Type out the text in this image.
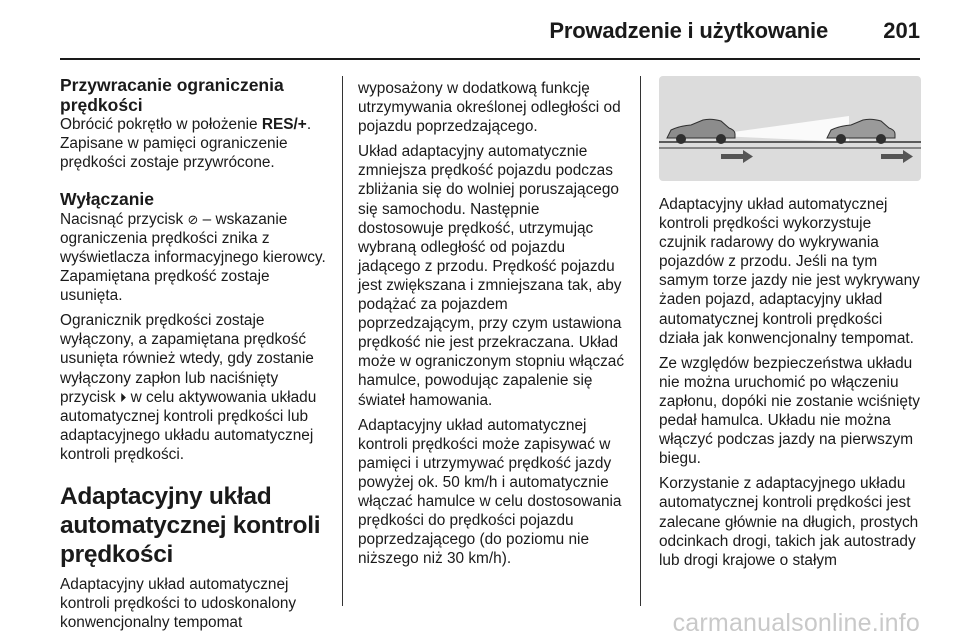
Prowadzenie i użytkowanie	201
Przywracanie ograniczenia prędkości

Obrócić pokrętło w położenie RES/+. Zapisane w pamięci ograniczenie prędkości zostaje przywrócone.

Wyłączanie

Nacisnąć przycisk ⊘ – wskazanie ograniczenia prędkości znika z wyświetlacza informacyjnego kierowcy. Zapamiętana prędkość zostaje usunięta.

Ogranicznik prędkości zostaje wyłączony, a zapamiętana prędkość usunięta również wtedy, gdy zostanie wyłączony zapłon lub naciśnięty przycisk ⏵ w celu aktywowania układu automatycznej kontroli prędkości lub adaptacyjnego układu automatycznej kontroli prędkości.

Adaptacyjny układ automatycznej kontroli prędkości

Adaptacyjny układ automatycznej kontroli prędkości to udoskonalony konwencjonalny tempomat

wyposażony w dodatkową funkcję utrzymywania określonej odległości od pojazdu poprzedzającego.

Układ adaptacyjny automatycznie zmniejsza prędkość pojazdu podczas zbliżania się do wolniej poruszającego się samochodu. Następnie dostosowuje prędkość, utrzymując wybraną odległość od pojazdu jadącego z przodu. Prędkość pojazdu jest zwiększana i zmniejszana tak, aby podążać za pojazdem poprzedzającym, przy czym ustawiona prędkość nie jest przekraczana. Układ może w ograniczonym stopniu włączać hamulce, powodując zapalenie się świateł hamowania.

Adaptacyjny układ automatycznej kontroli prędkości może zapisywać w pamięci i utrzymywać prędkość jazdy powyżej ok. 50 km/h i automatycznie włączać hamulce w celu dostosowania prędkości do prędkości pojazdu poprzedzającego (do poziomu nie niższego niż 30 km/h).

Adaptacyjny układ automatycznej kontroli prędkości wykorzystuje czujnik radarowy do wykrywania pojazdów z przodu. Jeśli na tym samym torze jazdy nie jest wykrywany żaden pojazd, adaptacyjny układ automatycznej kontroli prędkości działa jak konwencjonalny tempomat.

Ze względów bezpieczeństwa układu nie można uruchomić po włączeniu zapłonu, dopóki nie zostanie wciśnięty pedał hamulca. Układu nie można włączyć podczas jazdy na pierwszym biegu.

Korzystanie z adaptacyjnego układu automatycznej kontroli prędkości jest zalecane głównie na długich, prostych odcinkach drogi, takich jak autostrady lub drogi krajowe o stałym

carmanualsonline.info
